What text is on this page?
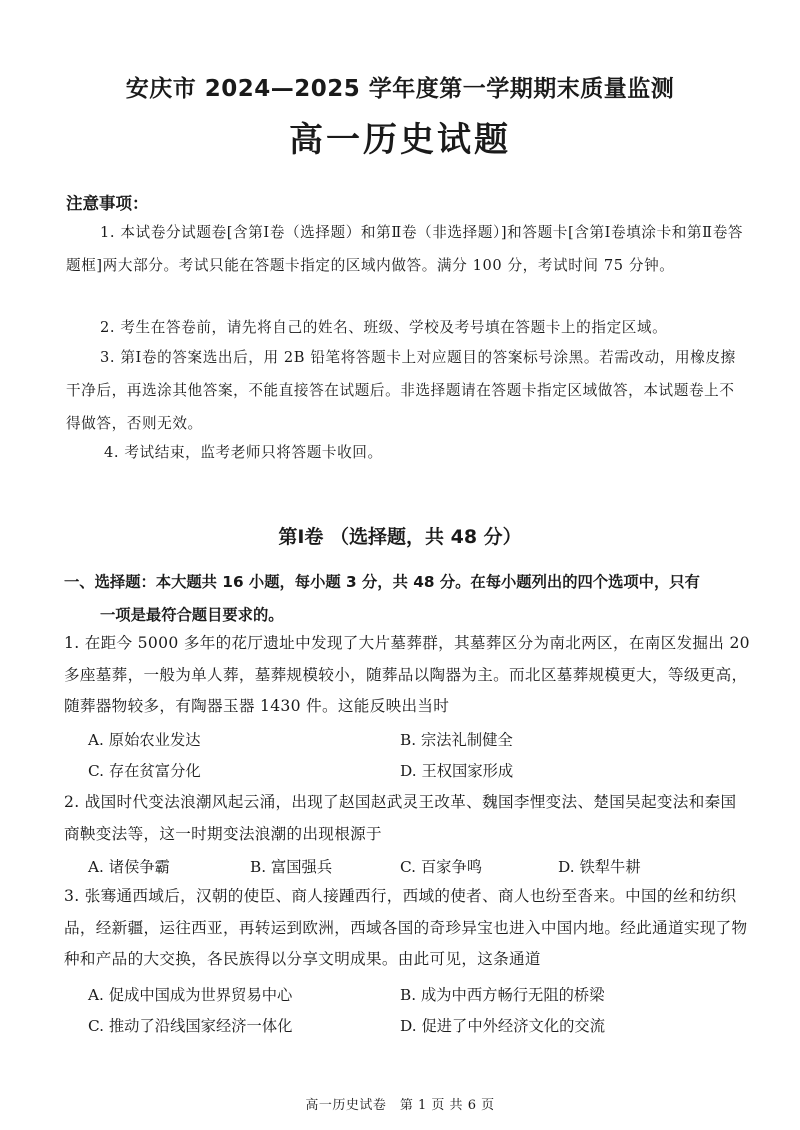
安庆市 2024—2025 学年度第一学期期末质量监测
高一历史试题
注意事项：
1. 本试卷分试题卷[含第Ⅰ卷（选择题）和第Ⅱ卷（非选择题）]和答题卡[含第Ⅰ卷填涂卡和第Ⅱ卷答题框]两大部分。考试只能在答题卡指定的区域内做答。满分 100 分，考试时间 75 分钟。
2. 考生在答卷前，请先将自己的姓名、班级、学校及考号填在答题卡上的指定区域。
3. 第Ⅰ卷的答案选出后，用 2B 铅笔将答题卡上对应题目的答案标号涂黑。若需改动，用橡皮擦干净后，再选涂其他答案，不能直接答在试题后。非选择题请在答题卡指定区域做答，本试题卷上不得做答，否则无效。
4. 考试结束，监考老师只将答题卡收回。
第Ⅰ卷 （选择题，共 48 分）
一、选择题：本大题共 16 小题，每小题 3 分，共 48 分。在每小题列出的四个选项中，只有
一项是最符合题目要求的。
1. 在距今 5000 多年的花厅遗址中发现了大片墓葬群，其墓葬区分为南北两区，在南区发掘出 20 多座墓葬，一般为单人葬，墓葬规模较小，随葬品以陶器为主。而北区墓葬规模更大，等级更高，随葬器物较多，有陶器玉器 1430 件。这能反映出当时
A. 原始农业发达	B. 宗法礼制健全
C. 存在贫富分化	D. 王权国家形成
2. 战国时代变法浪潮风起云涌，出现了赵国赵武灵王改革、魏国李悝变法、楚国吴起变法和秦国商鞅变法等，这一时期变法浪潮的出现根源于
A. 诸侯争霸	B. 富国强兵	C. 百家争鸣	D. 铁犁牛耕
3. 张骞通西域后，汉朝的使臣、商人接踵西行，西域的使者、商人也纷至沓来。中国的丝和纺织品，经新疆，运往西亚，再转运到欧洲，西域各国的奇珍异宝也进入中国内地。经此通道实现了物种和产品的大交换，各民族得以分享文明成果。由此可见，这条通道
A. 促成中国成为世界贸易中心	B. 成为中西方畅行无阻的桥梁
C. 推动了沿线国家经济一体化	D. 促进了中外经济文化的交流
高一历史试卷　第 1 页 共 6 页
